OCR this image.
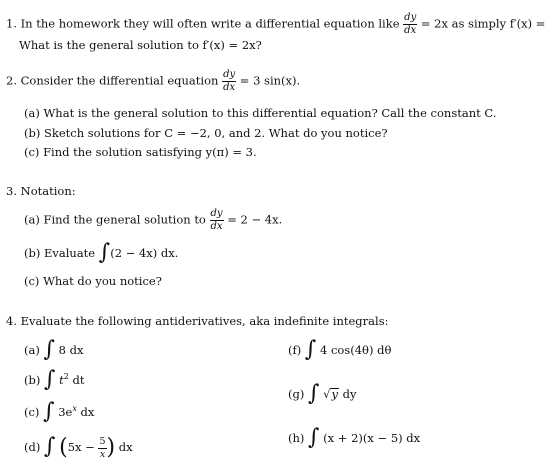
1. In the homework they will often write a differential equation like $\frac{dy}{dx} = 2x$ as simply f′(x) =
What is the general solution to f′(x) = 2x?
2. Consider the differential equation $\frac{dy}{dx} = 3$ sin(x).
(a) What is the general solution to this differential equation? Call the constant C.
(b) Sketch solutions for C = −2, 0, and 2. What do you notice?
(c) Find the solution satisfying y(π) = 3.
3. Notation:
(a) Find the general solution to $\frac{dy}{dx} = 2 - 4x$.
(b) Evaluate ∫(2 − 4x) dx.
(c) What do you notice?
4. Evaluate the following antiderivatives, aka indefinite integrals:
(a) ∫ 8 dx
(b) ∫ $t^2$ dt
(c) ∫ $3e^x$ dx
(d) ∫ ($5x - \frac{5}{x}$ ) dx
(f) ∫ 4 cos(4θ) dθ
(g) ∫ √y dy
(h) ∫ (x + 2)(x − 5) dx
